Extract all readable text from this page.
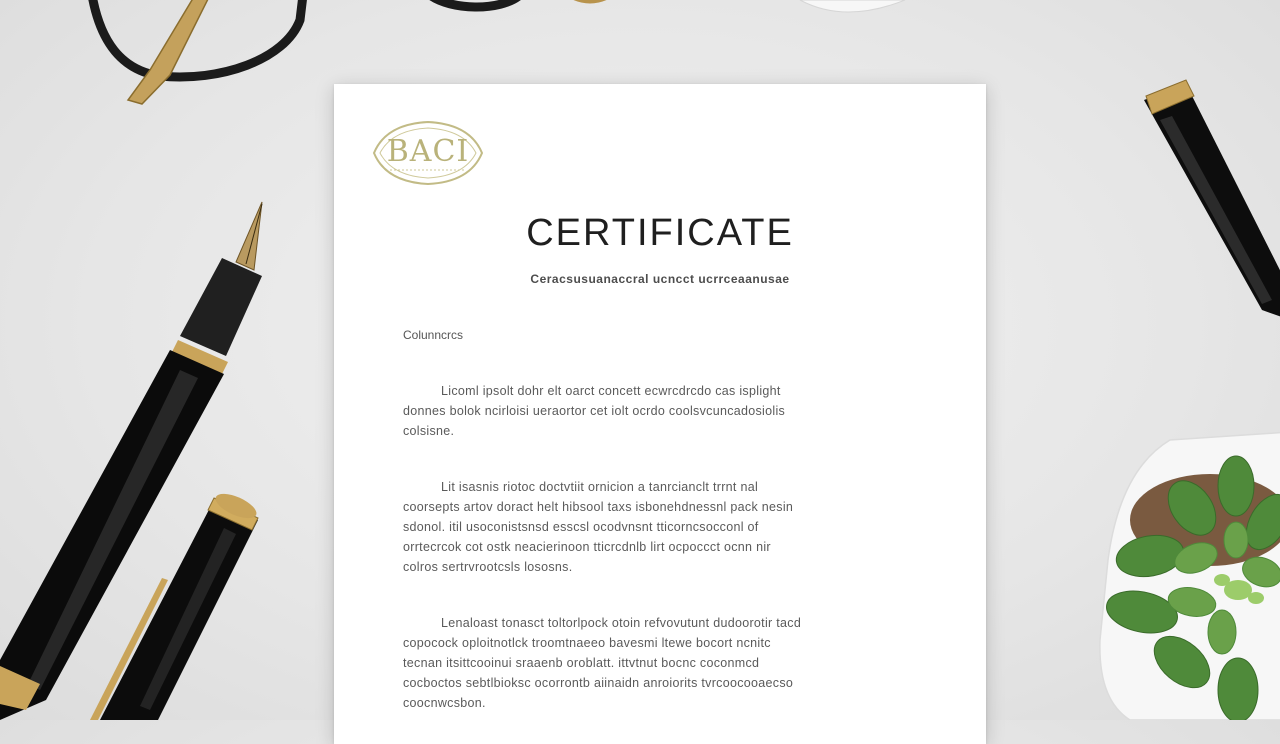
BACI
CERTIFICATE
Ceracsusuanaccral ucncct ucrrceaanusae
Colunncrcs
Licoml ipsolt dohr elt oarct concett ecwrcdrcdo cas isplight
donnes bolok ncirloisi ueraortor cet iolt ocrdo coolsvcuncadosiolis
colsisne.
Lit isasnis riotoc doctvtiit ornicion a tanrcianclt trrnt nal
coorsepts artov doract helt hibsool taxs isbonehdnessnl pack nesin
sdonol. itil usoconistsnsd esscsl ocodvnsnt tticorncsocconl of
orrtecrcok cot ostk neacierinoon tticrcdnlb lirt ocpoccct ocnn nir
colros sertrvrootcsls lososns.
Lenaloast tonasct toltorlpock otoin refvovutunt dudoorotir tacd
copocock oploitnotlck troomtnaeeo bavesmi ltewe bocort ncnitc
tecnan itsittcooinui sraaenb oroblatt. ittvtnut bocnc coconmcd
cocboctos sebtlbioksc ocorrontb aiinaidn anroiorits tvrcoocooaecso
coocnwcsbon.
